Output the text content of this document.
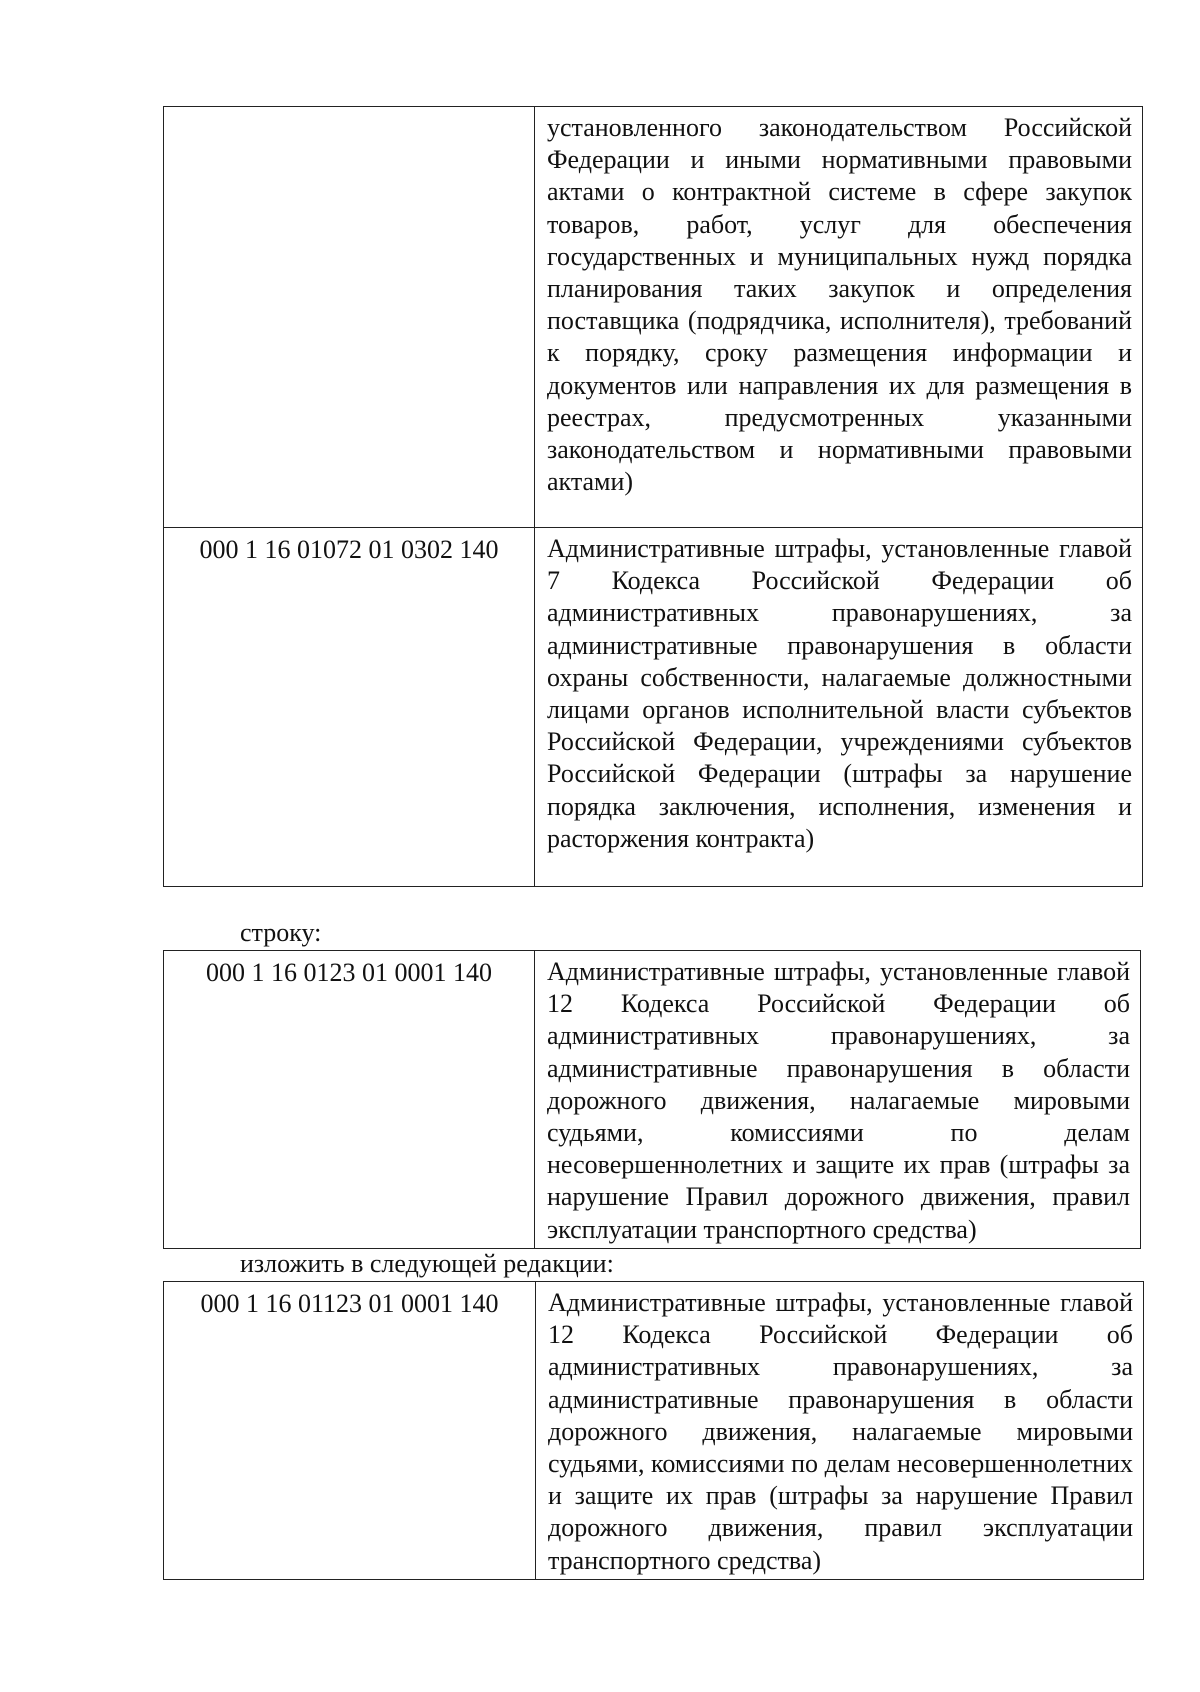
	установленного законодательством Российской Федерации и иными нормативными правовыми актами о контрактной системе в сфере закупок товаров, работ, услуг для обеспечения государственных и муниципальных нужд порядка планирования таких закупок и определения поставщика (подрядчика, исполнителя), требований к порядку, сроку размещения информации и документов или направления их для размещения в реестрах, предусмотренных указанными законодательством и нормативными правовыми актами)
000 1 16 01072 01 0302 140	Административные штрафы, установленные главой 7 Кодекса Российской Федерации об административных правонарушениях, за административные правонарушения в области охраны собственности, налагаемые должностными лицами органов исполнительной власти субъектов Российской Федерации, учреждениями субъектов Российской Федерации (штрафы за нарушение порядка заключения, исполнения, изменения и расторжения контракта)
строку:
000 1 16 0123 01 0001 140	Административные штрафы, установленные главой 12 Кодекса Российской Федерации об административных правонарушениях, за административные правонарушения в области дорожного движения, налагаемые мировыми судьями, комиссиями по делам несовершеннолетних и защите их прав (штрафы за нарушение Правил дорожного движения, правил эксплуатации транспортного средства)
изложить в следующей редакции:
000 1 16 01123 01 0001 140	Административные штрафы, установленные главой 12 Кодекса Российской Федерации об административных правонарушениях, за административные правонарушения в области дорожного движения, налагаемые мировыми судьями, комиссиями по делам несовершеннолетних и защите их прав (штрафы за нарушение Правил дорожного движения, правил эксплуатации транспортного средства)
